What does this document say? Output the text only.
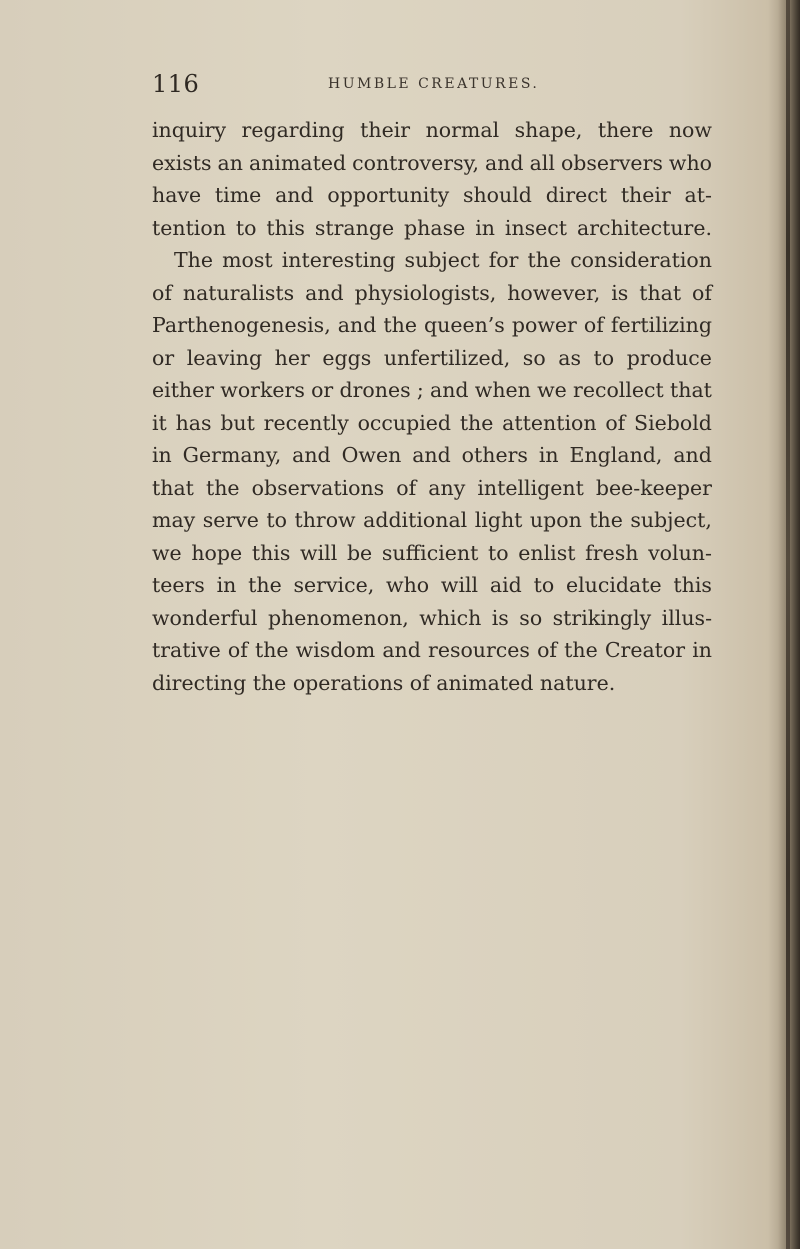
116	HUMBLE CREATURES.
inquiry regarding their normal shape, there now
exists an animated controversy, and all observers who
have time and opportunity should direct their at-
tention to this strange phase in insect architecture.
The most interesting subject for the consideration
of naturalists and physiologists, however, is that of
Parthenogenesis, and the queen’s power of fertilizing
or leaving her eggs unfertilized, so as to produce
either workers or drones ; and when we recollect that
it has but recently occupied the attention of Siebold
in Germany, and Owen and others in England, and
that the observations of any intelligent bee-keeper
may serve to throw additional light upon the subject,
we hope this will be sufficient to enlist fresh volun-
teers in the service, who will aid to elucidate this
wonderful phenomenon, which is so strikingly illus-
trative of the wisdom and resources of the Creator in
directing the operations of animated nature.
